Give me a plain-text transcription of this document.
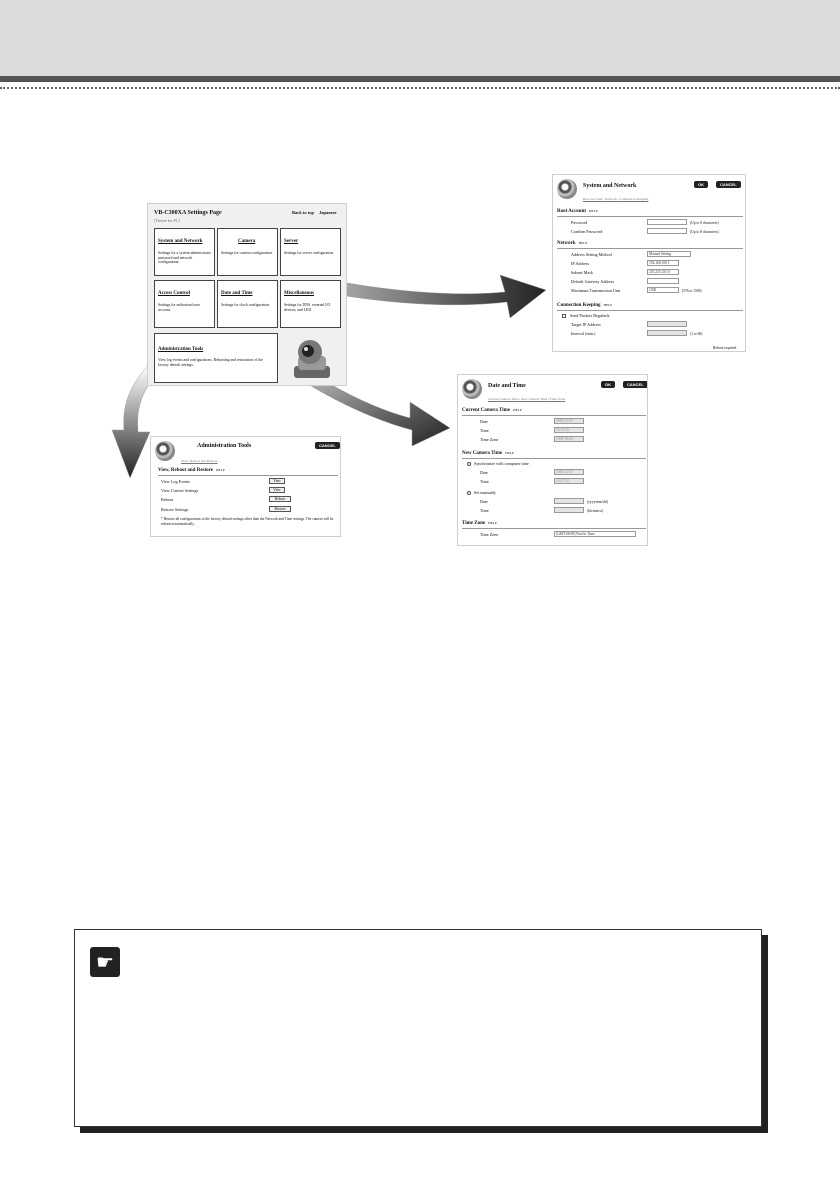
VB-C300XA Settings Page
[Viewer for PC]
Back to top Japanese
System and Network
Settings for a system administrator password and network configuration.
Camera
Settings for camera configuration.
Server
Settings for server configuration.
Access Control
Settings for authorized user account.
Date and Time
Settings for clock configuration.
Miscellaneous
Settings for DNS, external I/O devices, and LED.
Administration Tools
View log events and configurations. Rebooting and restoration of the factory default settings.
System and Network	OK	CANCEL
Root Account | Network | Connection Keeping
Root Account HELP
Password	(Up to 8 characters)
Confirm Password	(Up to 8 characters)
Network HELP
Address Setting Method	Manual Setting
IP Address	192.168.100.1
Subnet Mask	255.255.255.0
Default Gateway Address
Maximum Transmission Unit	1500	(576 to 1500)
Connection Keeping HELP
Send Packets Regularly
Target IP Address
Interval (min.)	(1 to 60)
Reboot required
Date and Time	OK	CANCEL
Current Camera Time | New Camera Time | Time Zone
Current Camera Time HELP
Date	2006/12/20
Time	10:15:30
Time Zone	GMT-08:00
New Camera Time HELP
Synchronize with computer time
Date	2006/12/20
Time	10:17:22
Set manually
Date	(yyyy/mm/dd)
Time	(hh:mm:ss)
Time Zone HELP
Time Zone	(GMT-08:00) Pacific Time
Administration Tools	CANCEL
View, Reboot and Restore
View, Reboot and Restore HELP
View Log Events	View
View Current Settings	View
Reboot	Reboot
Restore Settings	Restore
* Restore all configurations to the factory default settings other than the Network and Time settings. The camera will be rebooted automatically.
☛
